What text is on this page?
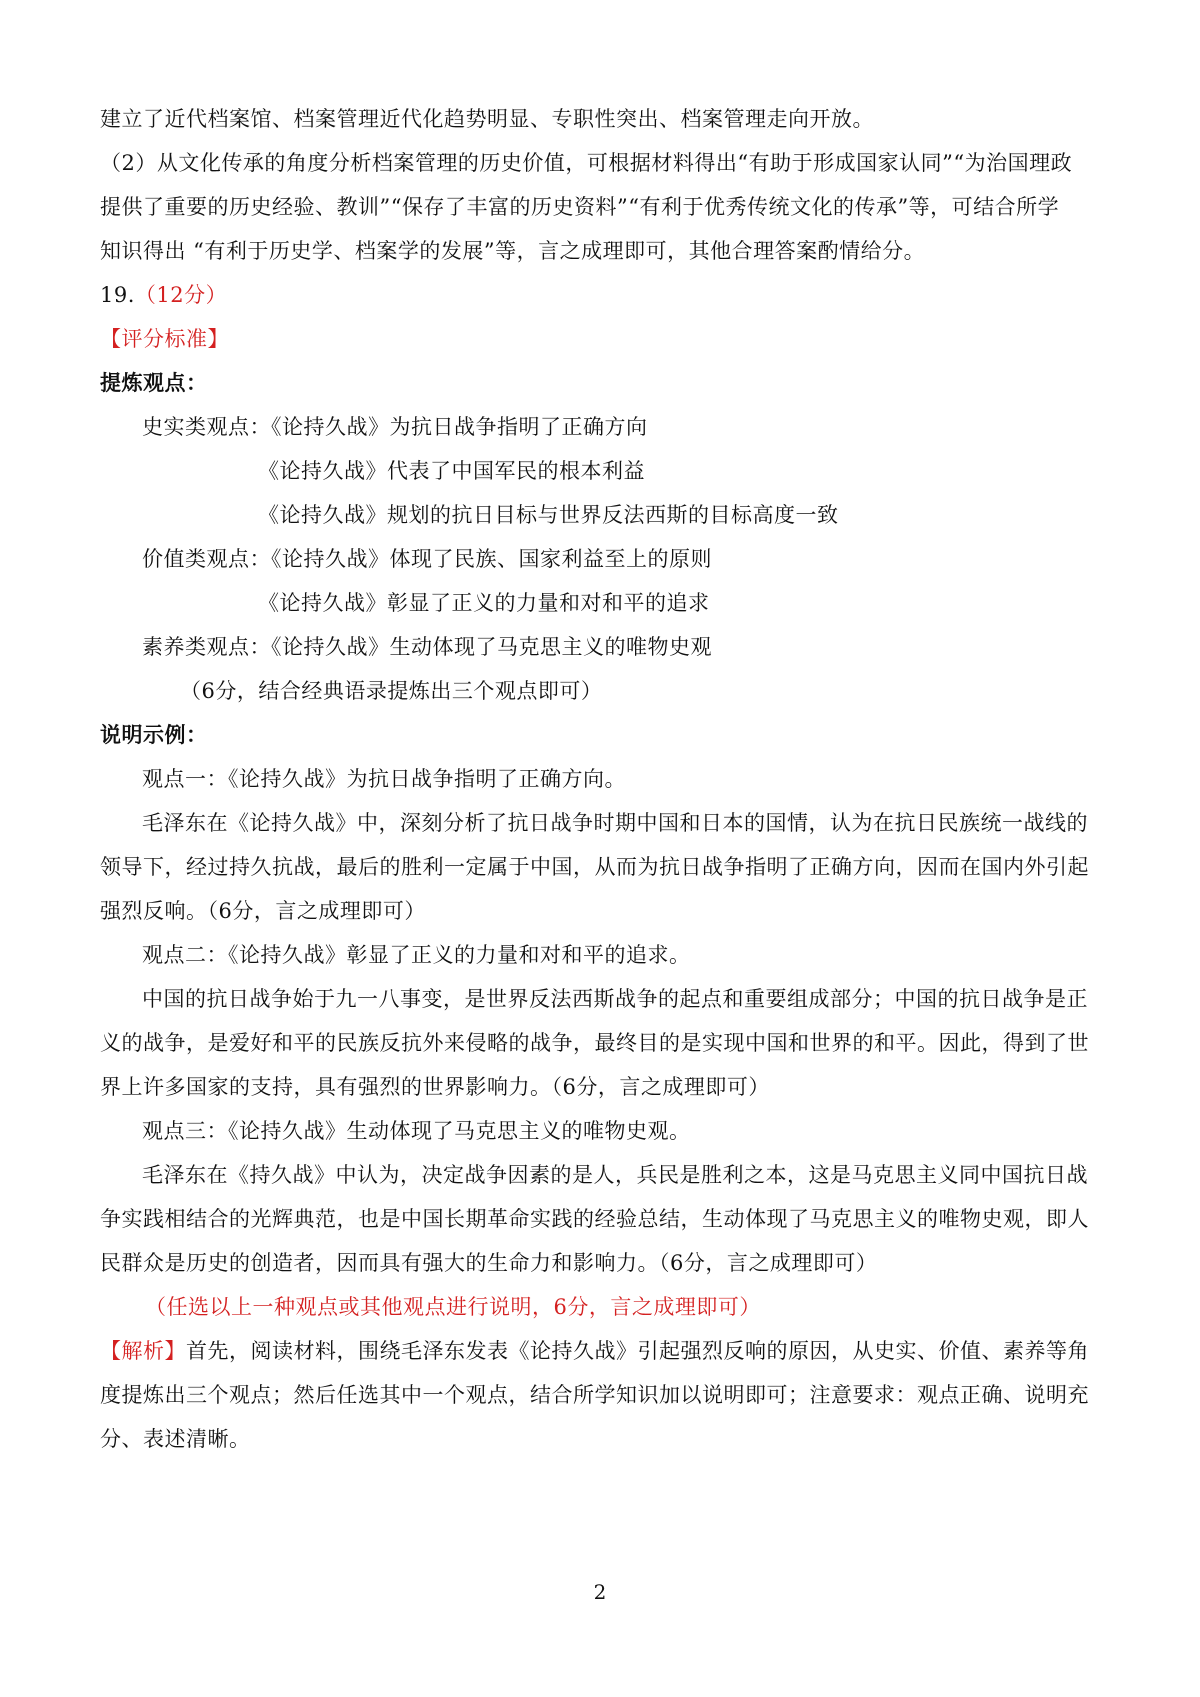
建立了近代档案馆、档案管理近代化趋势明显、专职性突出、档案管理走向开放。
（2）从文化传承的角度分析档案管理的历史价值，可根据材料得出“有助于形成国家认同”“为治国理政
提供了重要的历史经验、教训”“保存了丰富的历史资料”“有利于优秀传统文化的传承”等，可结合所学
知识得出 “有利于历史学、档案学的发展”等，言之成理即可，其他合理答案酌情给分。
19.（12分）
【评分标准】
提炼观点：
史实类观点：《论持久战》为抗日战争指明了正确方向
《论持久战》代表了中国军民的根本利益
《论持久战》规划的抗日目标与世界反法西斯的目标高度一致
价值类观点：《论持久战》体现了民族、国家利益至上的原则
《论持久战》彰显了正义的力量和对和平的追求
素养类观点：《论持久战》生动体现了马克思主义的唯物史观
（6分，结合经典语录提炼出三个观点即可）
说明示例：
观点一：《论持久战》为抗日战争指明了正确方向。
毛泽东在《论持久战》中，深刻分析了抗日战争时期中国和日本的国情，认为在抗日民族统一战线的
领导下，经过持久抗战，最后的胜利一定属于中国，从而为抗日战争指明了正确方向，因而在国内外引起
强烈反响。（6分，言之成理即可）
观点二：《论持久战》彰显了正义的力量和对和平的追求。
中国的抗日战争始于九一八事变，是世界反法西斯战争的起点和重要组成部分；中国的抗日战争是正
义的战争，是爱好和平的民族反抗外来侵略的战争，最终目的是实现中国和世界的和平。因此，得到了世
界上许多国家的支持，具有强烈的世界影响力。（6分，言之成理即可）
观点三：《论持久战》生动体现了马克思主义的唯物史观。
毛泽东在《持久战》中认为，决定战争因素的是人，兵民是胜利之本，这是马克思主义同中国抗日战
争实践相结合的光辉典范，也是中国长期革命实践的经验总结，生动体现了马克思主义的唯物史观，即人
民群众是历史的创造者，因而具有强大的生命力和影响力。（6分，言之成理即可）
（任选以上一种观点或其他观点进行说明，6分，言之成理即可）
【解析】首先，阅读材料，围绕毛泽东发表《论持久战》引起强烈反响的原因，从史实、价值、素养等角
度提炼出三个观点；然后任选其中一个观点，结合所学知识加以说明即可；注意要求：观点正确、说明充
分、表述清晰。
2
